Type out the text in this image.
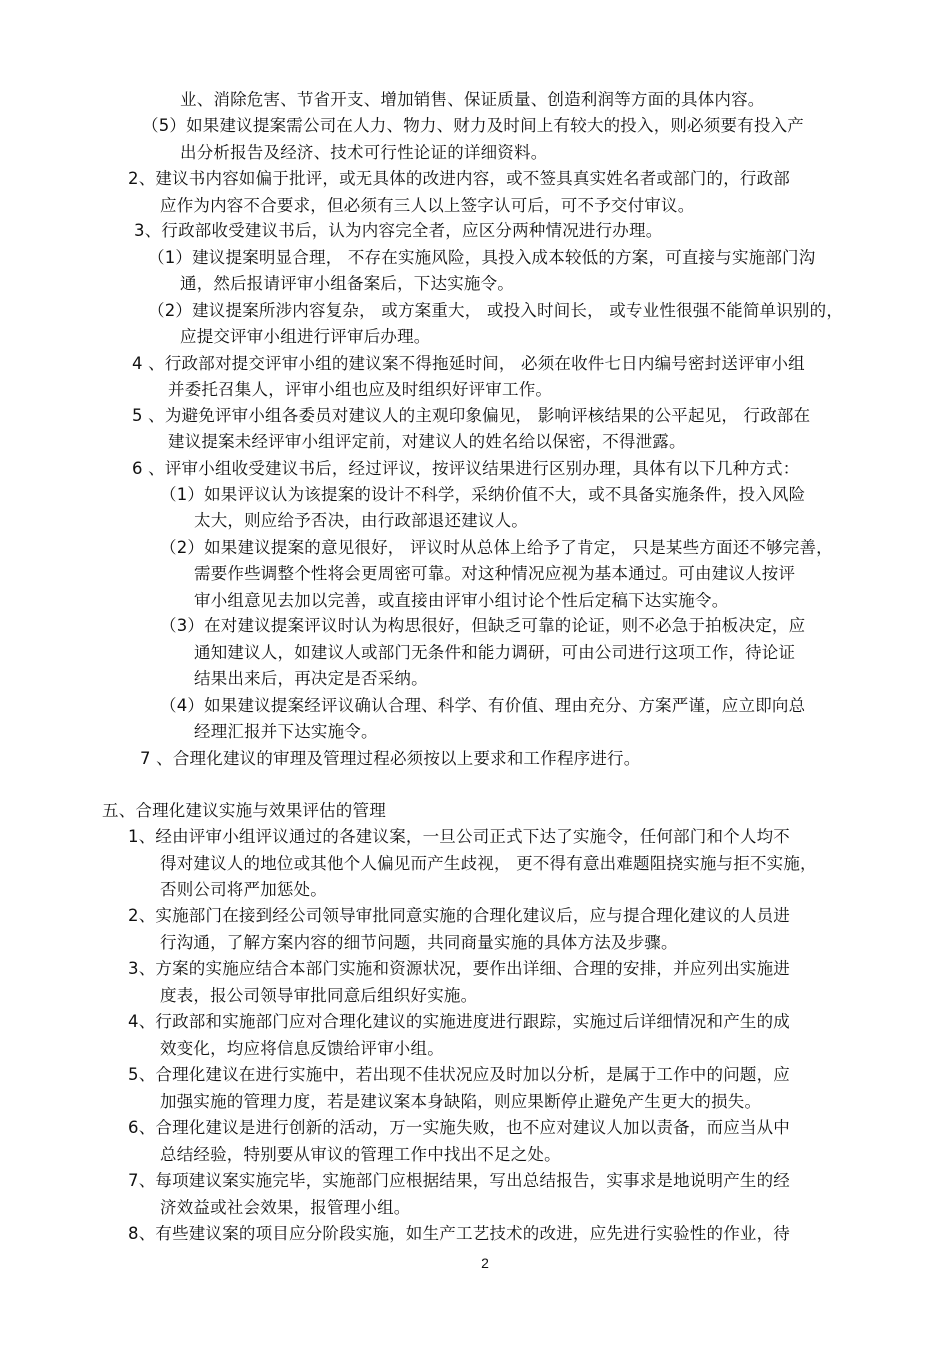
业、消除危害、节省开支、增加销售、保证质量、创造利润等方面的具体内容。
（5）如果建议提案需公司在人力、物力、财力及时间上有较大的投入，则必须要有投入产
出分析报告及经济、技术可行性论证的详细资料。
2、建议书内容如偏于批评，或无具体的改进内容，或不签具真实姓名者或部门的，行政部
应作为内容不合要求，但必须有三人以上签字认可后，可不予交付审议。
3、行政部收受建议书后，认为内容完全者，应区分两种情况进行办理。
（1）建议提案明显合理， 不存在实施风险，具投入成本较低的方案，可直接与实施部门沟
通，然后报请评审小组备案后，下达实施令。
（2）建议提案所涉内容复杂， 或方案重大， 或投入时间长， 或专业性很强不能简单识别的，
应提交评审小组进行评审后办理。
4 、行政部对提交评审小组的建议案不得拖延时间， 必须在收件七日内编号密封送评审小组
并委托召集人，评审小组也应及时组织好评审工作。
5 、为避免评审小组各委员对建议人的主观印象偏见， 影响评核结果的公平起见， 行政部在
建议提案未经评审小组评定前，对建议人的姓名给以保密，不得泄露。
6 、评审小组收受建议书后，经过评议，按评议结果进行区别办理，具体有以下几种方式：
（1）如果评议认为该提案的设计不科学，采纳价值不大，或不具备实施条件，投入风险
太大，则应给予否决，由行政部退还建议人。
（2）如果建议提案的意见很好， 评议时从总体上给予了肯定， 只是某些方面还不够完善，
需要作些调整个性将会更周密可靠。对这种情况应视为基本通过。可由建议人按评
审小组意见去加以完善，或直接由评审小组讨论个性后定稿下达实施令。
（3）在对建议提案评议时认为构思很好，但缺乏可靠的论证，则不必急于拍板决定，应
通知建议人，如建议人或部门无条件和能力调研，可由公司进行这项工作，待论证
结果出来后，再决定是否采纳。
（4）如果建议提案经评议确认合理、科学、有价值、理由充分、方案严谨，应立即向总
经理汇报并下达实施令。
7 、合理化建议的审理及管理过程必须按以上要求和工作程序进行。
五、合理化建议实施与效果评估的管理
1、经由评审小组评议通过的各建议案，一旦公司正式下达了实施令，任何部门和个人均不
得对建议人的地位或其他个人偏见而产生歧视， 更不得有意出难题阻挠实施与拒不实施，
否则公司将严加惩处。
2、实施部门在接到经公司领导审批同意实施的合理化建议后，应与提合理化建议的人员进
行沟通，了解方案内容的细节问题，共同商量实施的具体方法及步骤。
3、方案的实施应结合本部门实施和资源状况，要作出详细、合理的安排，并应列出实施进
度表，报公司领导审批同意后组织好实施。
4、行政部和实施部门应对合理化建议的实施进度进行跟踪，实施过后详细情况和产生的成
效变化，均应将信息反馈给评审小组。
5、合理化建议在进行实施中，若出现不佳状况应及时加以分析，是属于工作中的问题，应
加强实施的管理力度，若是建议案本身缺陷，则应果断停止避免产生更大的损失。
6、合理化建议是进行创新的活动，万一实施失败，也不应对建议人加以责备，而应当从中
总结经验，特别要从审议的管理工作中找出不足之处。
7、每项建议案实施完毕，实施部门应根据结果，写出总结报告，实事求是地说明产生的经
济效益或社会效果，报管理小组。
8、有些建议案的项目应分阶段实施，如生产工艺技术的改进，应先进行实验性的作业，待
2
